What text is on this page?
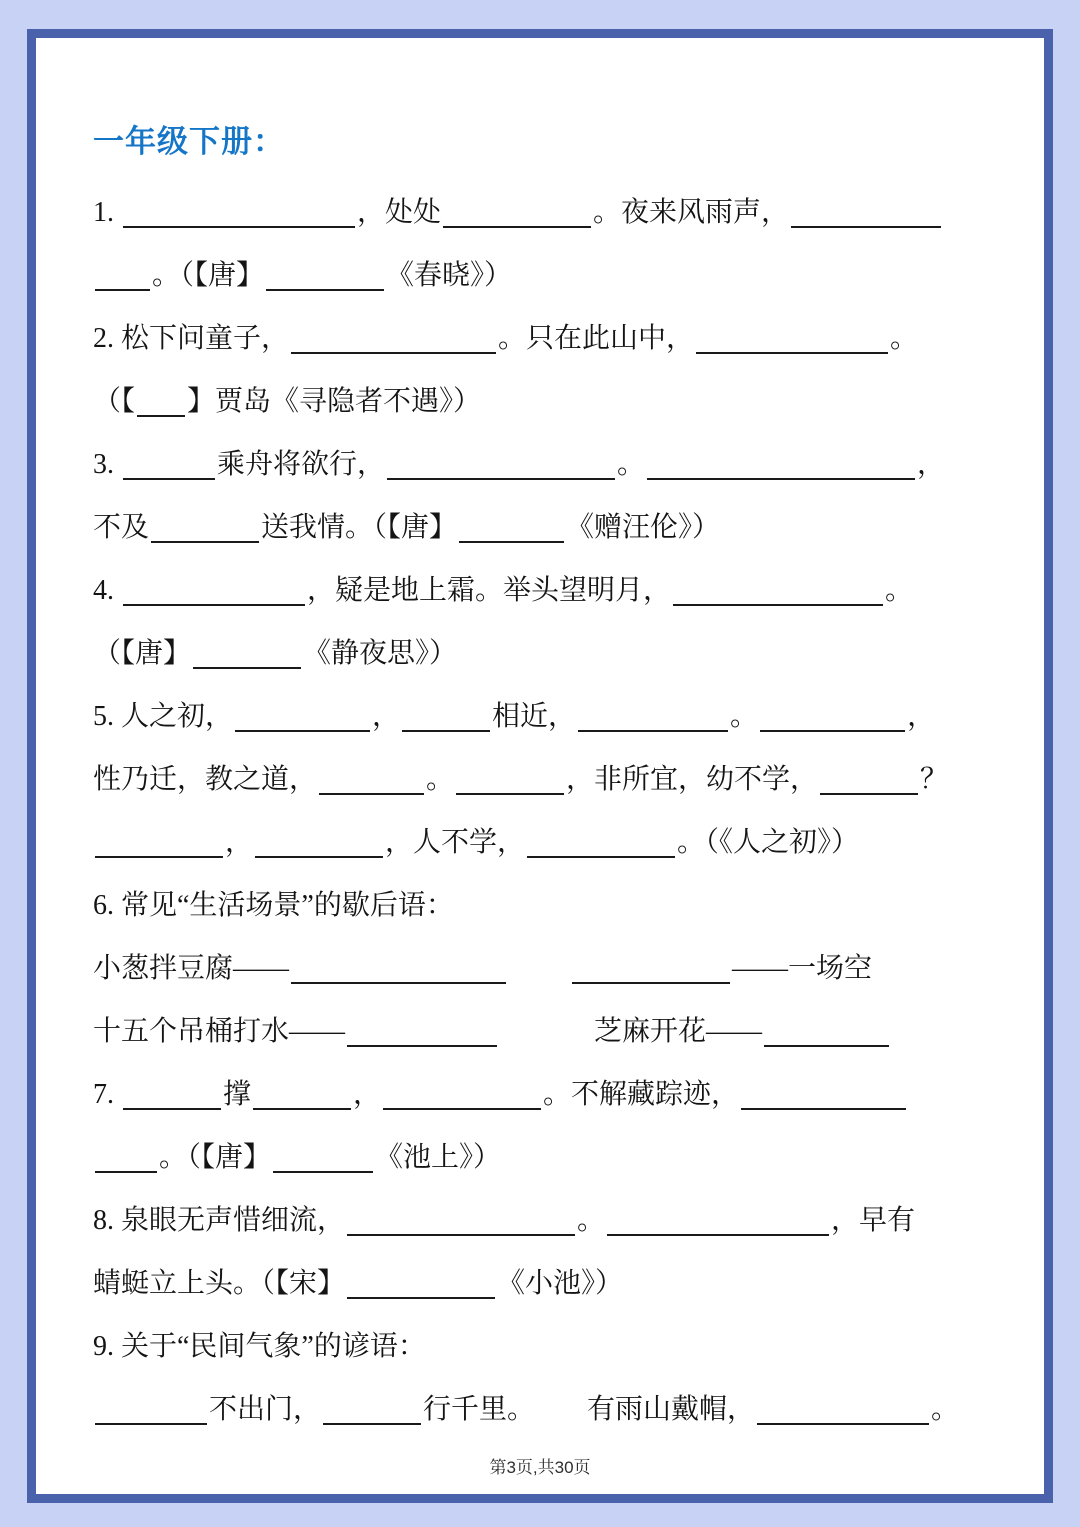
一年级下册：
1.	，处处	。夜来风雨声，
。（【唐】	《春晓》）
2. 松下问童子，	。只在此山中，	。
（【 】贾岛《寻隐者不遇》）
3.	乘舟将欲行，	。	，
不及	送我情。（【唐】	《赠汪伦》）
4.	，疑是地上霜。举头望明月，	。
（【唐】	《静夜思》）
5. 人之初，	，	相近，	。	，
性乃迁，教之道，	。	，非所宜，幼不学，	？
，	，人不学，	。（《人之初》）
6. 常见“生活场景”的歇后语：
小葱拌豆腐——	——一场空
十五个吊桶打水——	芝麻开花——
7.	撑	，	。不解藏踪迹，
。（【唐】	《池上》）
8. 泉眼无声惜细流，	。	，早有
蜻蜓立上头。（【宋】	《小池》）
9. 关于“民间气象”的谚语：
不出门，	行千里。 有雨山戴帽，	。
第3页,共30页
